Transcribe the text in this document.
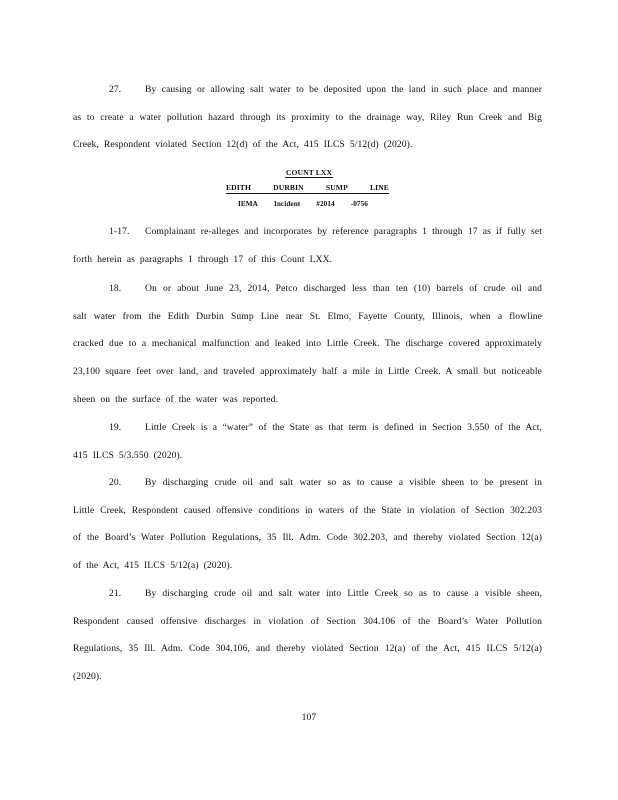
27. By causing or allowing salt water to be deposited upon the land in such place and manner as to create a water pollution hazard through its proximity to the drainage way, Riley Run Creek and Big Creek, Respondent violated Section 12(d) of the Act, 415 ILCS 5/12(d) (2020).

COUNT LXX
EDITH	DURBIN	SUMP	LINE
IEMA Incident #2014 -0756

1-17. Complainant re-alleges and incorporates by reference paragraphs 1 through 17 as if fully set forth herein as paragraphs 1 through 17 of this Count LXX.

18. On or about June 23, 2014, Petco discharged less than ten (10) barrels of crude oil and salt water from the Edith Durbin Sump Line near St. Elmo, Fayette County, Illinois, when a flowline cracked due to a mechanical malfunction and leaked into Little Creek. The discharge covered approximately 23,100 square feet over land, and traveled approximately half a mile in Little Creek. A small but noticeable sheen on the surface of the water was reported.

19. Little Creek is a “water” of the State as that term is defined in Section 3.550 of the Act, 415 ILCS 5/3.550 (2020).

20. By discharging crude oil and salt water so as to cause a visible sheen to be present in Little Creek, Respondent caused offensive conditions in waters of the State in violation of Section 302.203 of the Board’s Water Pollution Regulations, 35 Ill. Adm. Code 302.203, and thereby violated Section 12(a) of the Act, 415 ILCS 5/12(a) (2020).

21. By discharging crude oil and salt water into Little Creek so as to cause a visible sheen, Respondent caused offensive discharges in violation of Section 304.106 of the Board’s Water Pollution Regulations, 35 Ill. Adm. Code 304.106, and thereby violated Section 12(a) of the Act, 415 ILCS 5/12(a) (2020).

107
